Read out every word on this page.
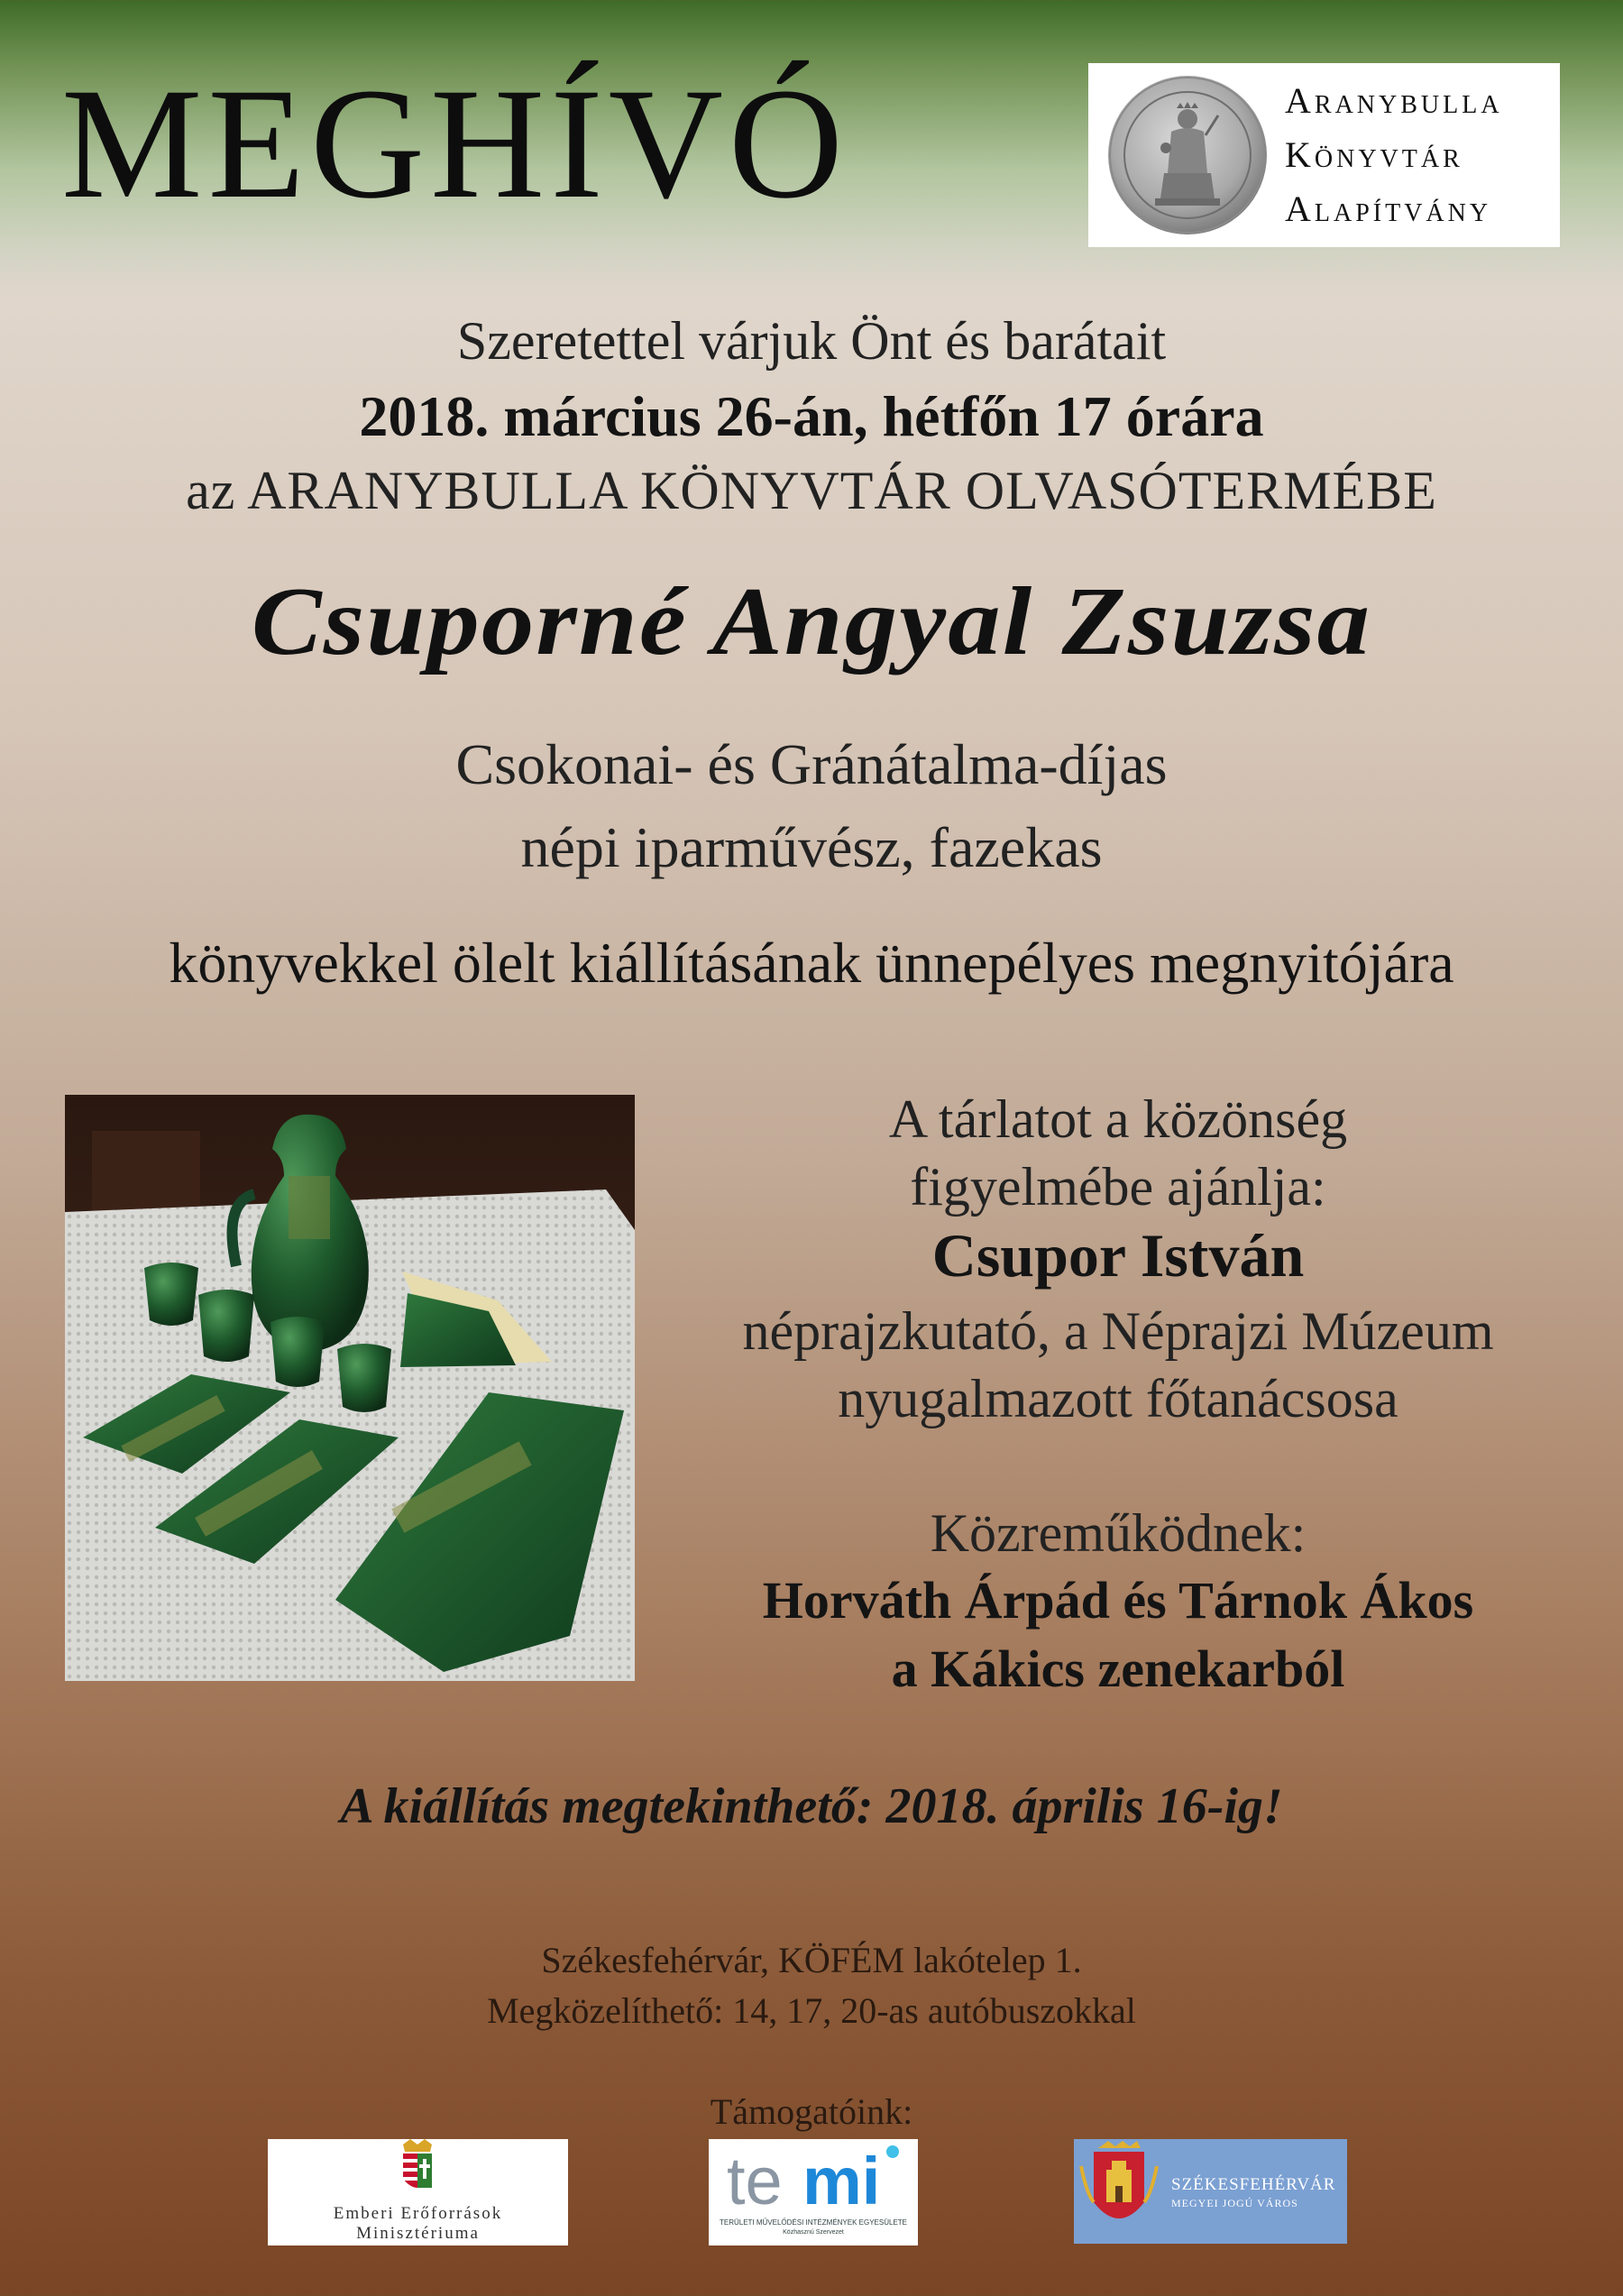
MEGHÍVÓ	Aranybulla
Könyvtár
Alapítvány
Szeretettel várjuk Önt és barátait
2018. március 26-án, hétfőn 17 órára
az ARANYBULLA KÖNYVTÁR OLVASÓTERMÉBE
Csuporné Angyal Zsuzsa
Csokonai- és Gránátalma-díjas
népi iparművész, fazekas
könyvekkel ölelt kiállításának ünnepélyes megnyitójára
A tárlatot a közönség
figyelmébe ajánlja:
Csupor István
néprajzkutató, a Néprajzi Múzeum
nyugalmazott főtanácsosa
Közreműködnek:
Horváth Árpád és Tárnok Ákos
a Kákics zenekarból
A kiállítás megtekinthető: 2018. április 16-ig!
Székesfehérvár, KÖFÉM lakótelep 1.
Megközelíthető: 14, 17, 20-as autóbuszokkal
Támogatóink:
Emberi Erőforrások
Minisztériuma
te mi
TERÜLETI MŰVELŐDÉSI INTÉZMÉNYEK EGYESÜLETE
Közhasznú Szervezet
SZÉKESFEHÉRVÁR
MEGYEI JOGÚ VÁROS
